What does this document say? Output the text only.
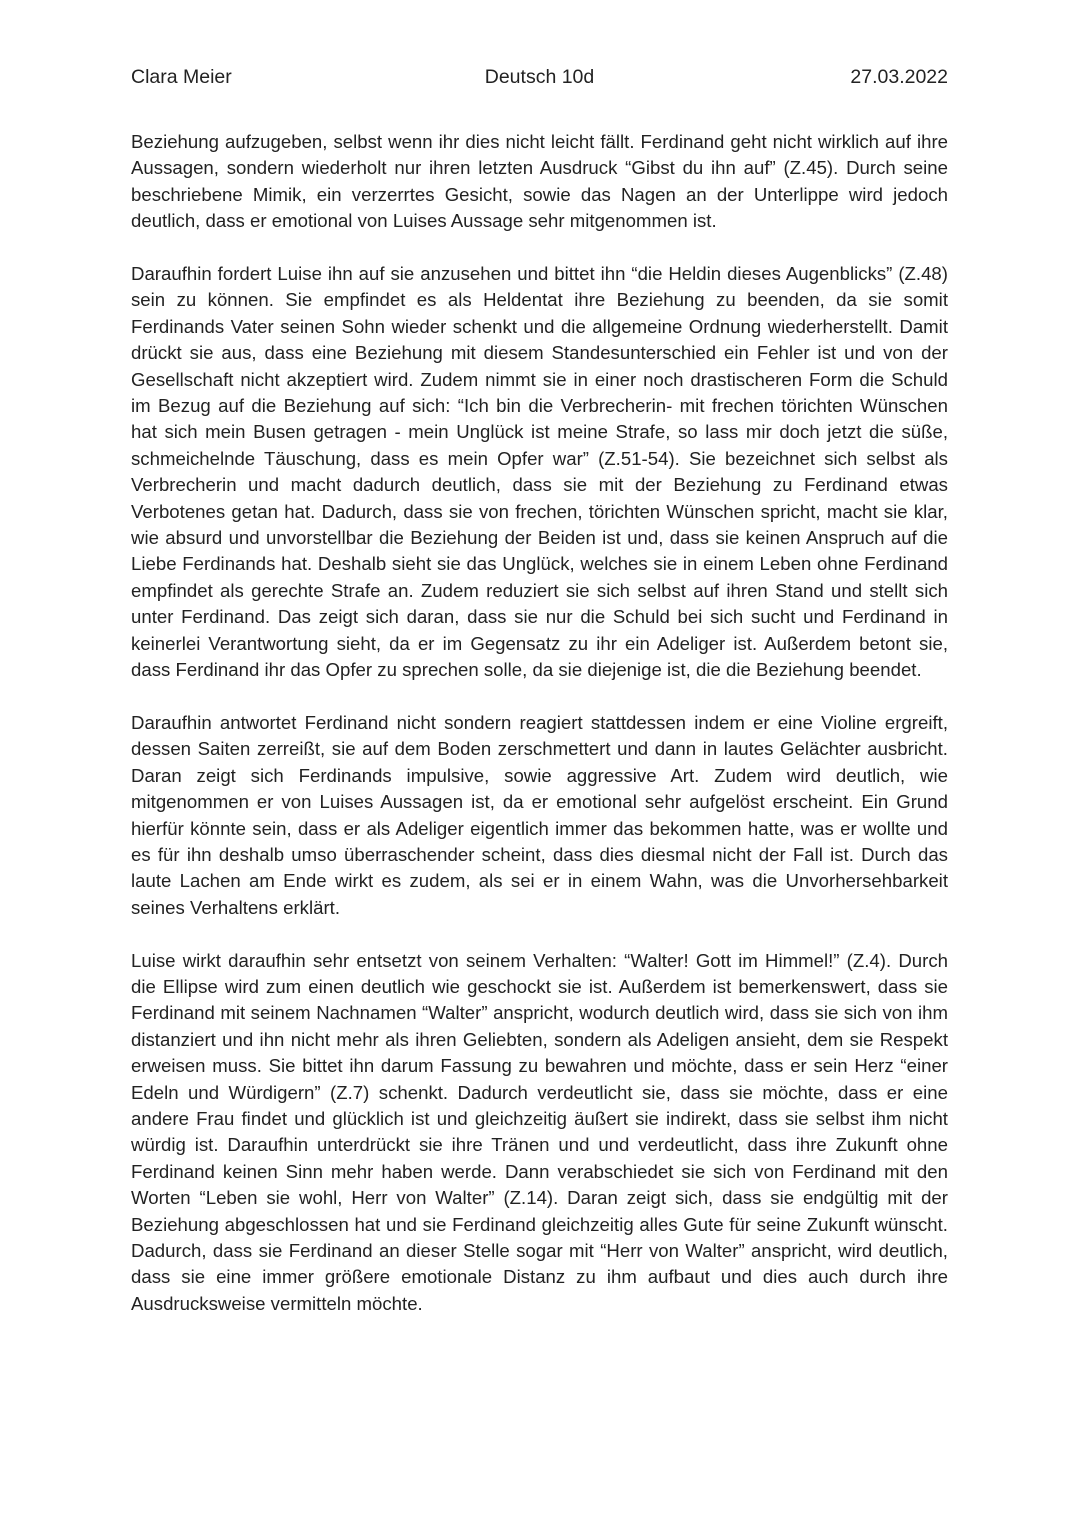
Clara Meier	Deutsch 10d	27.03.2022

Beziehung aufzugeben, selbst wenn ihr dies nicht leicht fällt. Ferdinand geht nicht wirklich auf ihre Aussagen, sondern wiederholt nur ihren letzten Ausdruck “Gibst du ihn auf” (Z.45). Durch seine beschriebene Mimik, ein verzerrtes Gesicht, sowie das Nagen an der Unterlippe wird jedoch deutlich, dass er emotional von Luises Aussage sehr mitgenommen ist.

Daraufhin fordert Luise ihn auf sie anzusehen und bittet ihn “die Heldin dieses Augenblicks” (Z.48) sein zu können. Sie empfindet es als Heldentat ihre Beziehung zu beenden, da sie somit Ferdinands Vater seinen Sohn wieder schenkt und die allgemeine Ordnung wiederherstellt. Damit drückt sie aus, dass eine Beziehung mit diesem Standesunterschied ein Fehler ist und von der Gesellschaft nicht akzeptiert wird. Zudem nimmt sie in einer noch drastischeren Form die Schuld im Bezug auf die Beziehung auf sich: “Ich bin die Verbrecherin- mit frechen törichten Wünschen hat sich mein Busen getragen - mein Unglück ist meine Strafe, so lass mir doch jetzt die süße, schmeichelnde Täuschung, dass es mein Opfer war” (Z.51-54). Sie bezeichnet sich selbst als Verbrecherin und macht dadurch deutlich, dass sie mit der Beziehung zu Ferdinand etwas Verbotenes getan hat. Dadurch, dass sie von frechen, törichten Wünschen spricht, macht sie klar, wie absurd und unvorstellbar die Beziehung der Beiden ist und, dass sie keinen Anspruch auf die Liebe Ferdinands hat. Deshalb sieht sie das Unglück, welches sie in einem Leben ohne Ferdinand empfindet als gerechte Strafe an. Zudem reduziert sie sich selbst auf ihren Stand und stellt sich unter Ferdinand. Das zeigt sich daran, dass sie nur die Schuld bei sich sucht und Ferdinand in keinerlei Verantwortung sieht, da er im Gegensatz zu ihr ein Adeliger ist. Außerdem betont sie, dass Ferdinand ihr das Opfer zu sprechen solle, da sie diejenige ist, die die Beziehung beendet.

Daraufhin antwortet Ferdinand nicht sondern reagiert stattdessen indem er eine Violine ergreift, dessen Saiten zerreißt, sie auf dem Boden zerschmettert und dann in lautes Gelächter ausbricht. Daran zeigt sich Ferdinands impulsive, sowie aggressive Art. Zudem wird deutlich, wie mitgenommen er von Luises Aussagen ist, da er emotional sehr aufgelöst erscheint. Ein Grund hierfür könnte sein, dass er als Adeliger eigentlich immer das bekommen hatte, was er wollte und es für ihn deshalb umso überraschender scheint, dass dies diesmal nicht der Fall ist. Durch das laute Lachen am Ende wirkt es zudem, als sei er in einem Wahn, was die Unvorhersehbarkeit seines Verhaltens erklärt.

Luise wirkt daraufhin sehr entsetzt von seinem Verhalten: “Walter! Gott im Himmel!” (Z.4). Durch die Ellipse wird zum einen deutlich wie geschockt sie ist. Außerdem ist bemerkenswert, dass sie Ferdinand mit seinem Nachnamen “Walter” anspricht, wodurch deutlich wird, dass sie sich von ihm distanziert und ihn nicht mehr als ihren Geliebten, sondern als Adeligen ansieht, dem sie Respekt erweisen muss. Sie bittet ihn darum Fassung zu bewahren und möchte, dass er sein Herz “einer Edeln und Würdigern” (Z.7) schenkt. Dadurch verdeutlicht sie, dass sie möchte, dass er eine andere Frau findet und glücklich ist und gleichzeitig äußert sie indirekt, dass sie selbst ihm nicht würdig ist. Daraufhin unterdrückt sie ihre Tränen und und verdeutlicht, dass ihre Zukunft ohne Ferdinand keinen Sinn mehr haben werde. Dann verabschiedet sie sich von Ferdinand mit den Worten “Leben sie wohl, Herr von Walter” (Z.14). Daran zeigt sich, dass sie endgültig mit der Beziehung abgeschlossen hat und sie Ferdinand gleichzeitig alles Gute für seine Zukunft wünscht. Dadurch, dass sie Ferdinand an dieser Stelle sogar mit “Herr von Walter” anspricht, wird deutlich, dass sie eine immer größere emotionale Distanz zu ihm aufbaut und dies auch durch ihre Ausdrucksweise vermitteln möchte.
